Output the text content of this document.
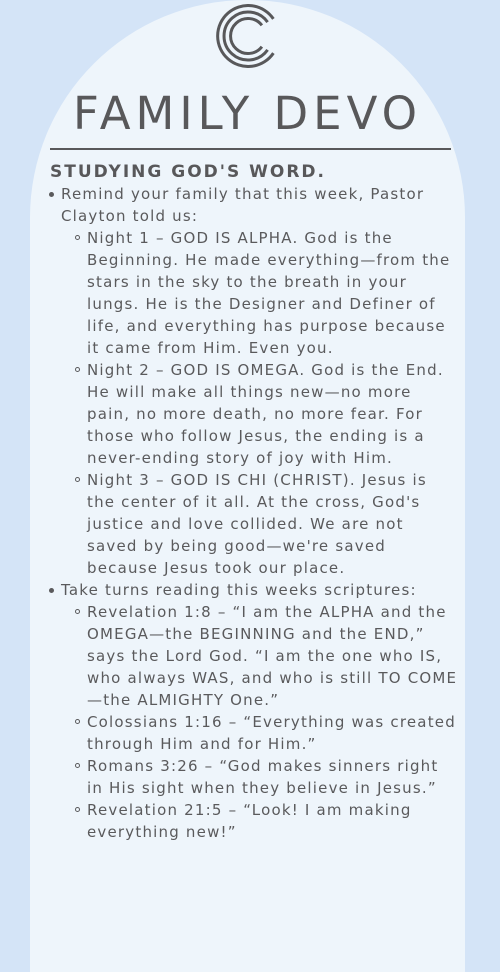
FAMILY DEVO
STUDYING GOD'S WORD.
Remind your family that this week, Pastor Clayton told us:
Night 1 – GOD IS ALPHA. God is the Beginning. He made everything—from the stars in the sky to the breath in your lungs. He is the Designer and Definer of life, and everything has purpose because it came from Him. Even you.
Night 2 – GOD IS OMEGA. God is the End. He will make all things new—no more pain, no more death, no more fear. For those who follow Jesus, the ending is a never-ending story of joy with Him.
Night 3 – GOD IS CHI (CHRIST). Jesus is the center of it all. At the cross, God's justice and love collided. We are not saved by being good—we're saved because Jesus took our place.
Take turns reading this weeks scriptures:
Revelation 1:8 – “I am the ALPHA and the OMEGA—the BEGINNING and the END,” says the Lord God. “I am the one who IS, who always WAS, and who is still TO COME—the ALMIGHTY One.”
Colossians 1:16 – “Everything was created through Him and for Him.”
Romans 3:26 – “God makes sinners right in His sight when they believe in Jesus.”
Revelation 21:5 – “Look! I am making everything new!”
